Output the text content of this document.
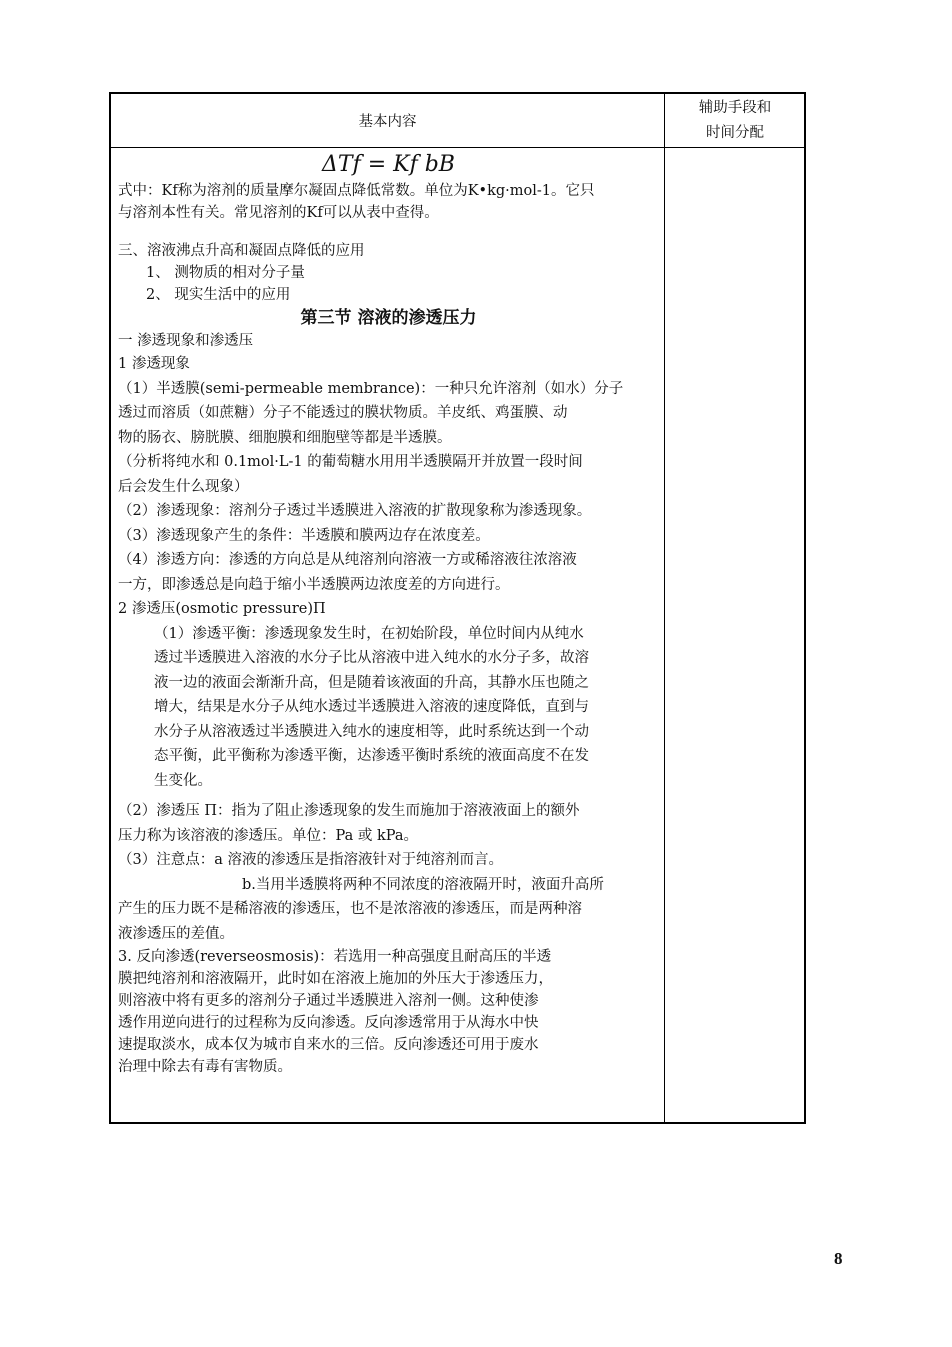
基本内容
辅助手段和
时间分配

ΔTf = Kf bB

式中：Kf称为溶剂的质量摩尔凝固点降低常数。单位为K•kg·mol-1。它只

与溶剂本性有关。常见溶剂的Kf可以从表中查得。

三、溶液沸点升高和凝固点降低的应用

1、 测物质的相对分子量

2、 现实生活中的应用

第三节 溶液的渗透压力

一 渗透现象和渗透压

1 渗透现象

（1）半透膜(semi-permeable membrance)：一种只允许溶剂（如水）分子

透过而溶质（如蔗糖）分子不能透过的膜状物质。羊皮纸、鸡蛋膜、动

物的肠衣、膀胱膜、细胞膜和细胞壁等都是半透膜。

（分析将纯水和 0.1mol·L-1 的葡萄糖水用用半透膜隔开并放置一段时间

后会发生什么现象）

（2）渗透现象：溶剂分子透过半透膜进入溶液的扩散现象称为渗透现象。

（3）渗透现象产生的条件：半透膜和膜两边存在浓度差。

（4）渗透方向：渗透的方向总是从纯溶剂向溶液一方或稀溶液往浓溶液

一方，即渗透总是向趋于缩小半透膜两边浓度差的方向进行。

2 渗透压(osmotic pressure)Π

（1）渗透平衡：渗透现象发生时，在初始阶段，单位时间内从纯水

透过半透膜进入溶液的水分子比从溶液中进入纯水的水分子多，故溶

液一边的液面会渐渐升高，但是随着该液面的升高，其静水压也随之

增大，结果是水分子从纯水透过半透膜进入溶液的速度降低，直到与

水分子从溶液透过半透膜进入纯水的速度相等，此时系统达到一个动

态平衡，此平衡称为渗透平衡，达渗透平衡时系统的液面高度不在发

生变化。

（2）渗透压 Π：指为了阻止渗透现象的发生而施加于溶液液面上的额外

压力称为该溶液的渗透压。单位：Pa 或 kPa。

（3）注意点：a 溶液的渗透压是指溶液针对于纯溶剂而言。

b.当用半透膜将两种不同浓度的溶液隔开时，液面升高所

产生的压力既不是稀溶液的渗透压，也不是浓溶液的渗透压，而是两种溶

液渗透压的差值。

3. 反向渗透(reverseosmosis)：若选用一种高强度且耐高压的半透

膜把纯溶剂和溶液隔开，此时如在溶液上施加的外压大于渗透压力，

则溶液中将有更多的溶剂分子通过半透膜进入溶剂一侧。这种使渗

透作用逆向进行的过程称为反向渗透。反向渗透常用于从海水中快

速提取淡水，成本仅为城市自来水的三倍。反向渗透还可用于废水

治理中除去有毒有害物质。

8
